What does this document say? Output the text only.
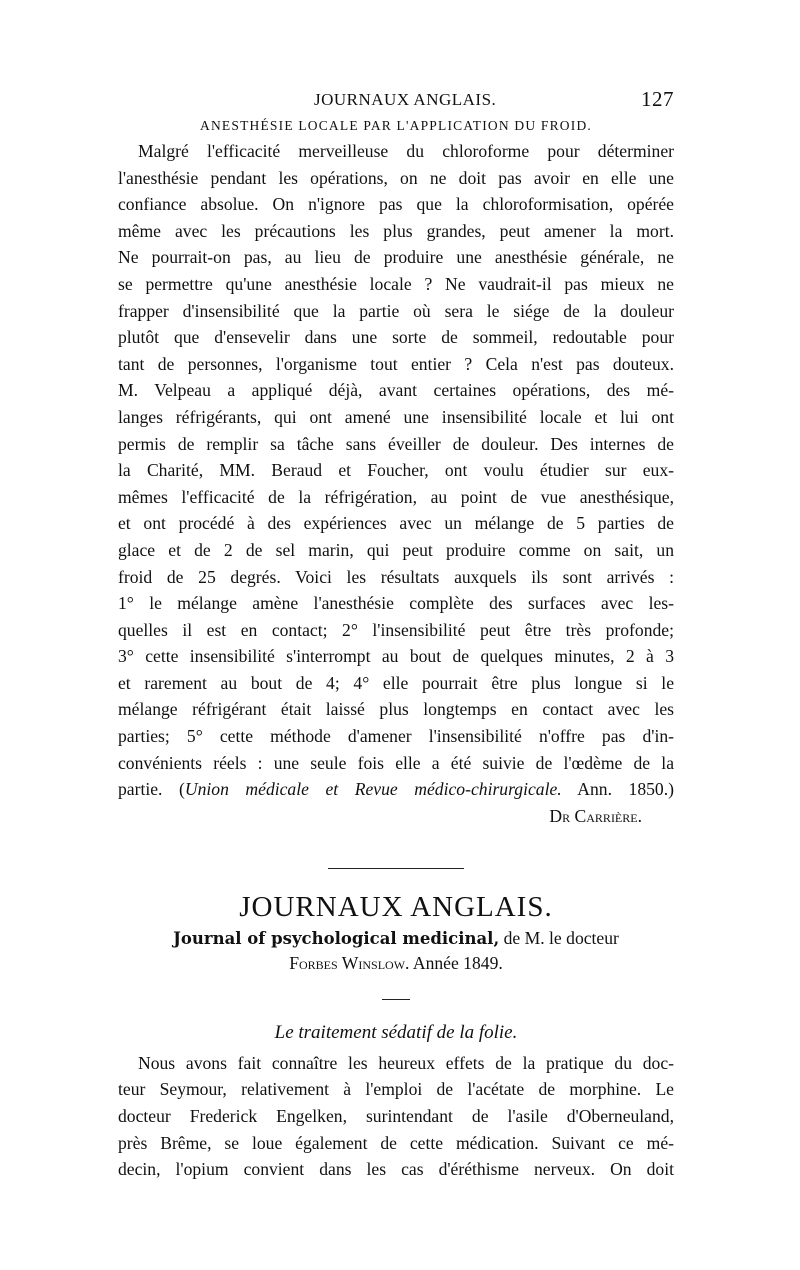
JOURNAUX ANGLAIS.	127
ANESTHÉSIE LOCALE PAR L'APPLICATION DU FROID.

Malgré l'efficacité merveilleuse du chloroforme pour déterminer
l'anesthésie pendant les opérations, on ne doit pas avoir en elle une
confiance absolue. On n'ignore pas que la chloroformisation, opérée
même avec les précautions les plus grandes, peut amener la mort.
Ne pourrait-on pas, au lieu de produire une anesthésie générale, ne
se permettre qu'une anesthésie locale ? Ne vaudrait-il pas mieux ne
frapper d'insensibilité que la partie où sera le siége de la douleur
plutôt que d'ensevelir dans une sorte de sommeil, redoutable pour
tant de personnes, l'organisme tout entier ? Cela n'est pas douteux.
M. Velpeau a appliqué déjà, avant certaines opérations, des mé-
langes réfrigérants, qui ont amené une insensibilité locale et lui ont
permis de remplir sa tâche sans éveiller de douleur. Des internes de
la Charité, MM. Beraud et Foucher, ont voulu étudier sur eux-
mêmes l'efficacité de la réfrigération, au point de vue anesthésique,
et ont procédé à des expériences avec un mélange de 5 parties de
glace et de 2 de sel marin, qui peut produire comme on sait, un
froid de 25 degrés. Voici les résultats auxquels ils sont arrivés :
1° le mélange amène l'anesthésie complète des surfaces avec les-
quelles il est en contact; 2° l'insensibilité peut être très profonde;
3° cette insensibilité s'interrompt au bout de quelques minutes, 2 à 3
et rarement au bout de 4; 4° elle pourrait être plus longue si le
mélange réfrigérant était laissé plus longtemps en contact avec les
parties; 5° cette méthode d'amener l'insensibilité n'offre pas d'in-
convénients réels : une seule fois elle a été suivie de l'œdème de la
partie. (Union médicale et Revue médico-chirurgicale. Ann. 1850.)

Dr Carrière.
JOURNAUX ANGLAIS.
Journal of psychological medicinal, de M. le docteur
Forbes Winslow. Année 1849.
Le traitement sédatif de la folie.

Nous avons fait connaître les heureux effets de la pratique du doc-
teur Seymour, relativement à l'emploi de l'acétate de morphine. Le
docteur Frederick Engelken, surintendant de l'asile d'Oberneuland,
près Brême, se loue également de cette médication. Suivant ce mé-
decin, l'opium convient dans les cas d'éréthisme nerveux. On doit
